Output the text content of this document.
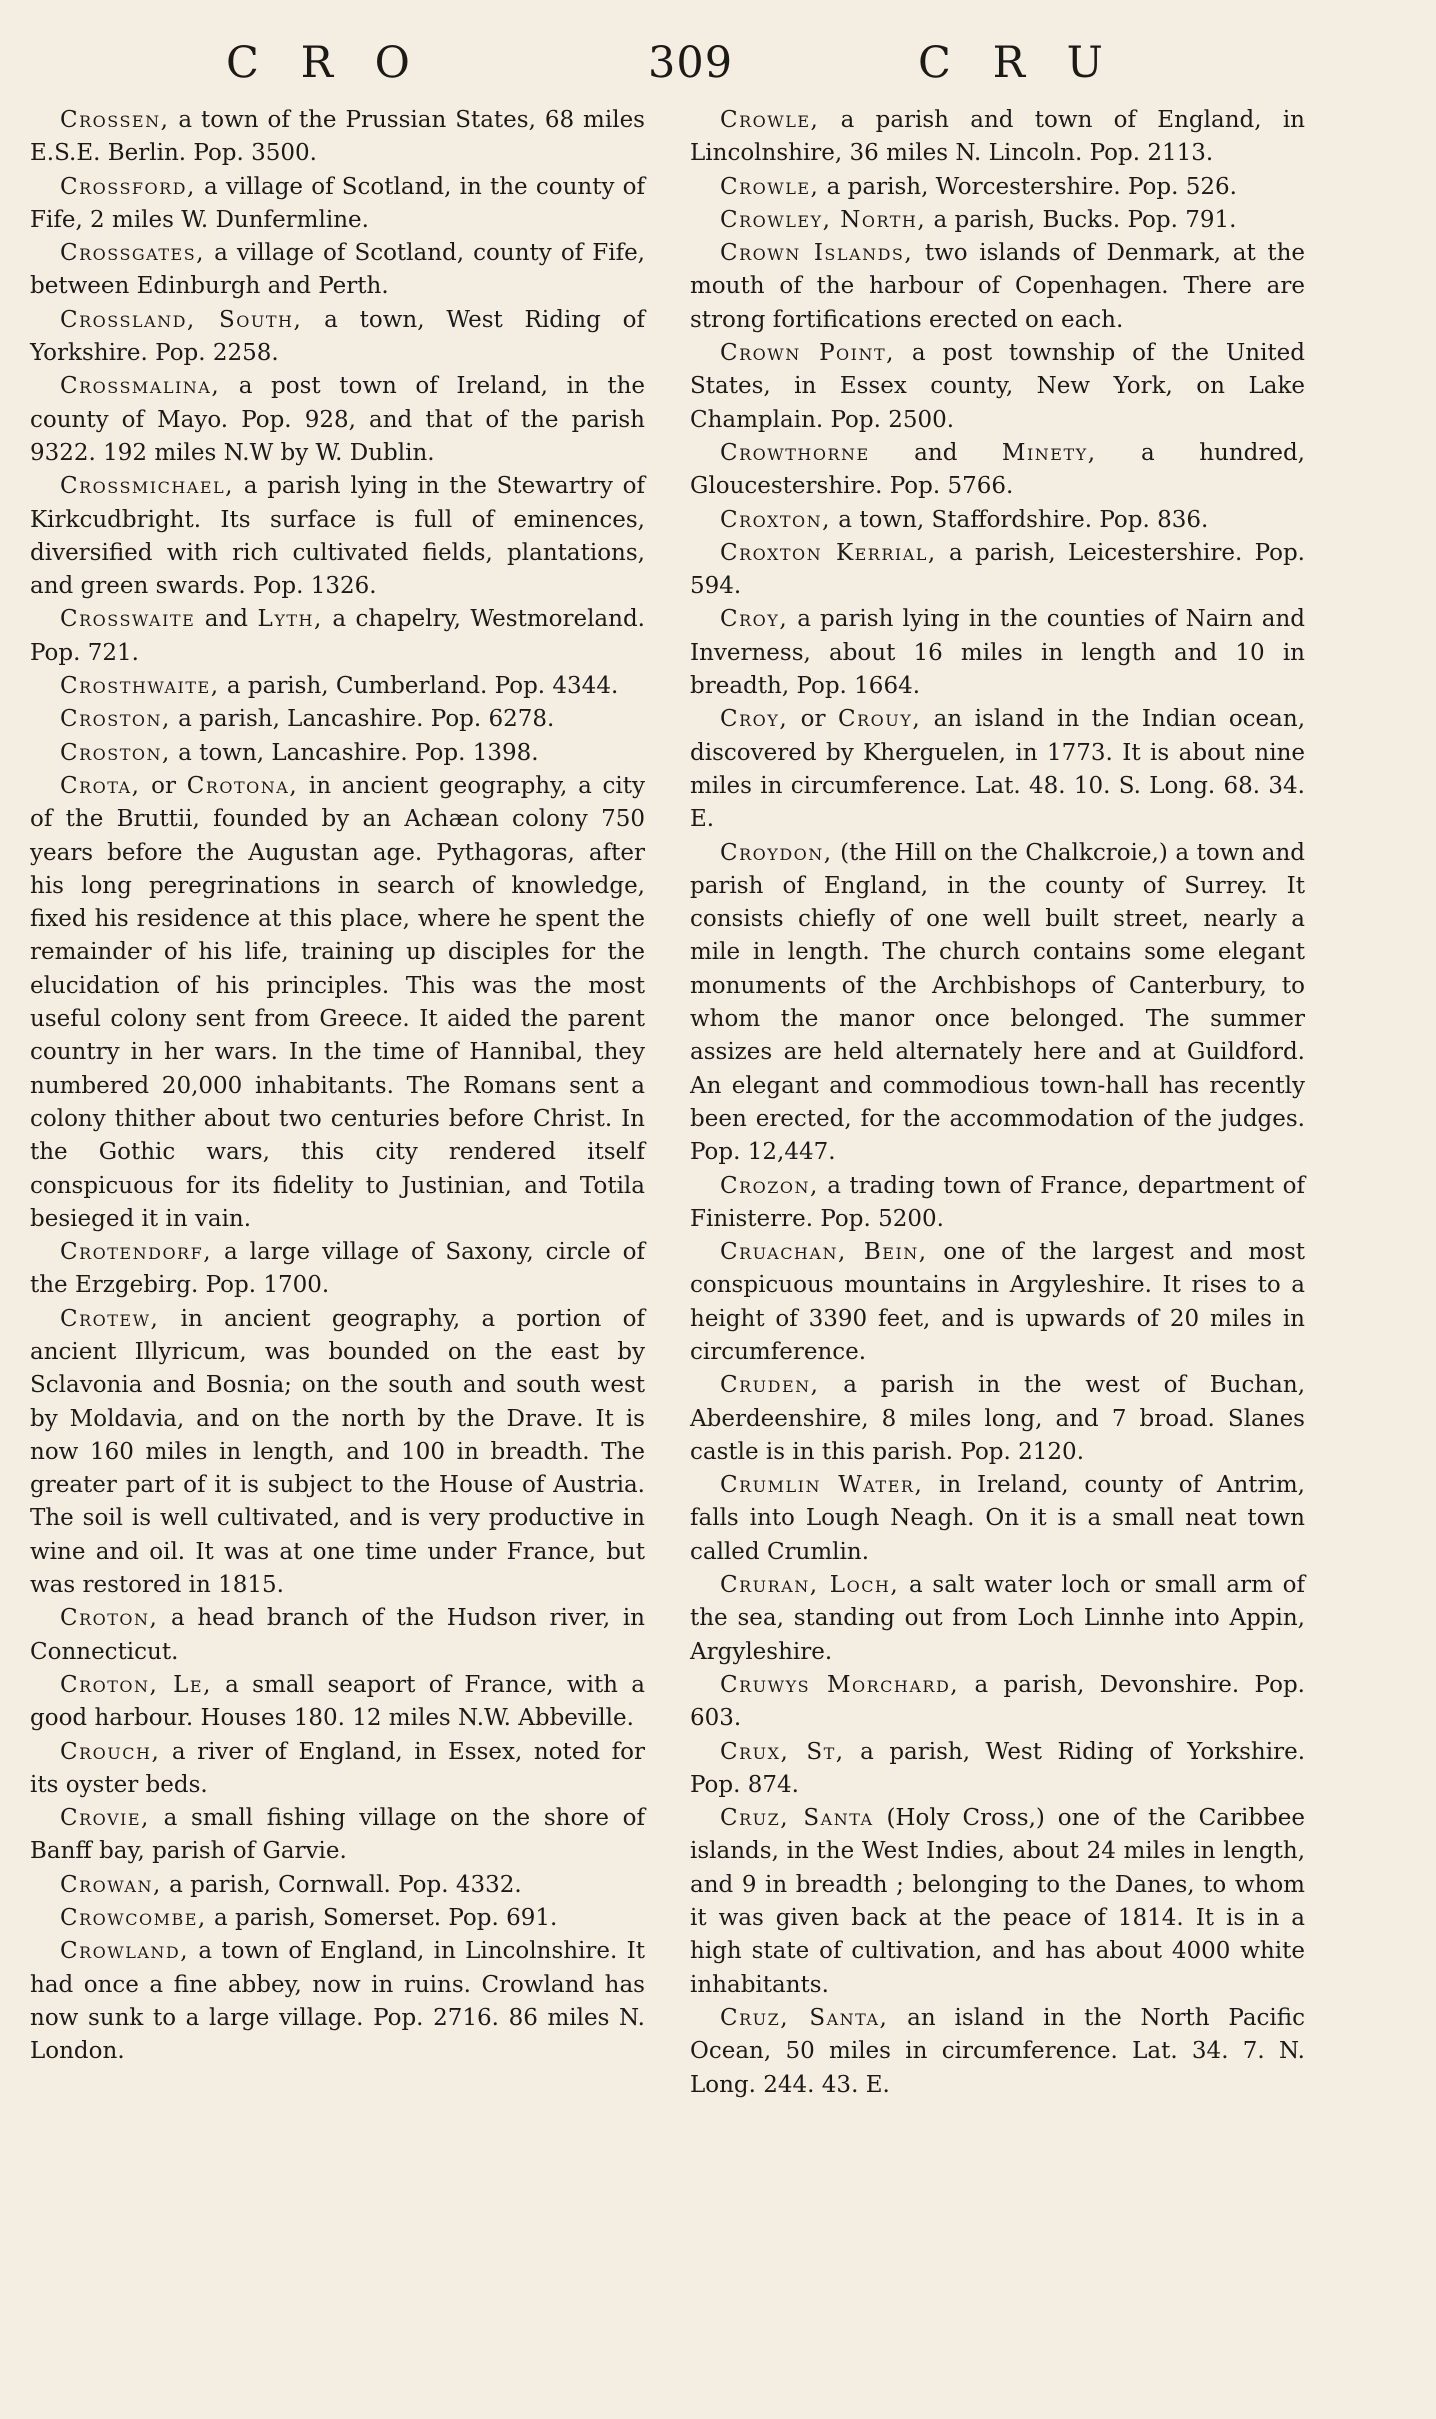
C R O	309	C R U

Crossen, a town of the Prussian States, 68 miles E.S.E. Berlin. Pop. 3500.

Crossford, a village of Scotland, in the county of Fife, 2 miles W. Dunfermline.

Crossgates, a village of Scotland, county of Fife, between Edinburgh and Perth.

Crossland, South, a town, West Riding of Yorkshire. Pop. 2258.

Crossmalina, a post town of Ireland, in the county of Mayo. Pop. 928, and that of the parish 9322. 192 miles N.W by W. Dublin.

Crossmichael, a parish lying in the Stewartry of Kirkcudbright. Its surface is full of eminences, diversified with rich cultivated fields, plantations, and green swards. Pop. 1326.

Crosswaite and Lyth, a chapelry, Westmoreland. Pop. 721.

Crosthwaite, a parish, Cumberland. Pop. 4344.

Croston, a parish, Lancashire. Pop. 6278.

Croston, a town, Lancashire. Pop. 1398.

Crota, or Crotona, in ancient geography, a city of the Bruttii, founded by an Achæan colony 750 years before the Augustan age. Pythagoras, after his long peregrinations in search of knowledge, fixed his residence at this place, where he spent the remainder of his life, training up disciples for the elucidation of his principles. This was the most useful colony sent from Greece. It aided the parent country in her wars. In the time of Hannibal, they numbered 20,000 inhabitants. The Romans sent a colony thither about two centuries before Christ. In the Gothic wars, this city rendered itself conspicuous for its fidelity to Justinian, and Totila besieged it in vain.

Crotendorf, a large village of Saxony, circle of the Erzgebirg. Pop. 1700.

Crotew, in ancient geography, a portion of ancient Illyricum, was bounded on the east by Sclavonia and Bosnia; on the south and south west by Moldavia, and on the north by the Drave. It is now 160 miles in length, and 100 in breadth. The greater part of it is subject to the House of Austria. The soil is well cultivated, and is very productive in wine and oil. It was at one time under France, but was restored in 1815.

Croton, a head branch of the Hudson river, in Connecticut.

Croton, Le, a small seaport of France, with a good harbour. Houses 180. 12 miles N.W. Abbeville.

Crouch, a river of England, in Essex, noted for its oyster beds.

Crovie, a small fishing village on the shore of Banff bay, parish of Garvie.

Crowan, a parish, Cornwall. Pop. 4332.

Crowcombe, a parish, Somerset. Pop. 691.

Crowland, a town of England, in Lincolnshire. It had once a fine abbey, now in ruins. Crowland has now sunk to a large village. Pop. 2716. 86 miles N. London.

Crowle, a parish and town of England, in Lincolnshire, 36 miles N. Lincoln. Pop. 2113.

Crowle, a parish, Worcestershire. Pop. 526.

Crowley, North, a parish, Bucks. Pop. 791.

Crown Islands, two islands of Denmark, at the mouth of the harbour of Copenhagen. There are strong fortifications erected on each.

Crown Point, a post township of the United States, in Essex county, New York, on Lake Champlain. Pop. 2500.

Crowthorne and Minety, a hundred, Gloucestershire. Pop. 5766.

Croxton, a town, Staffordshire. Pop. 836.

Croxton Kerrial, a parish, Leicestershire. Pop. 594.

Croy, a parish lying in the counties of Nairn and Inverness, about 16 miles in length and 10 in breadth, Pop. 1664.

Croy, or Crouy, an island in the Indian ocean, discovered by Kherguelen, in 1773. It is about nine miles in circumference. Lat. 48. 10. S. Long. 68. 34. E.

Croydon, (the Hill on the Chalkcroie,) a town and parish of England, in the county of Surrey. It consists chiefly of one well built street, nearly a mile in length. The church contains some elegant monuments of the Archbishops of Canterbury, to whom the manor once belonged. The summer assizes are held alternately here and at Guildford. An elegant and commodious town-hall has recently been erected, for the accommodation of the judges. Pop. 12,447.

Crozon, a trading town of France, department of Finisterre. Pop. 5200.

Cruachan, Bein, one of the largest and most conspicuous mountains in Argyleshire. It rises to a height of 3390 feet, and is upwards of 20 miles in circumference.

Cruden, a parish in the west of Buchan, Aberdeenshire, 8 miles long, and 7 broad. Slanes castle is in this parish. Pop. 2120.

Crumlin Water, in Ireland, county of Antrim, falls into Lough Neagh. On it is a small neat town called Crumlin.

Cruran, Loch, a salt water loch or small arm of the sea, standing out from Loch Linnhe into Appin, Argyleshire.

Cruwys Morchard, a parish, Devonshire. Pop. 603.

Crux, St, a parish, West Riding of Yorkshire. Pop. 874.

Cruz, Santa (Holy Cross,) one of the Caribbee islands, in the West Indies, about 24 miles in length, and 9 in breadth ; belonging to the Danes, to whom it was given back at the peace of 1814. It is in a high state of cultivation, and has about 4000 white inhabitants.

Cruz, Santa, an island in the North Pacific Ocean, 50 miles in circumference. Lat. 34. 7. N. Long. 244. 43. E.
